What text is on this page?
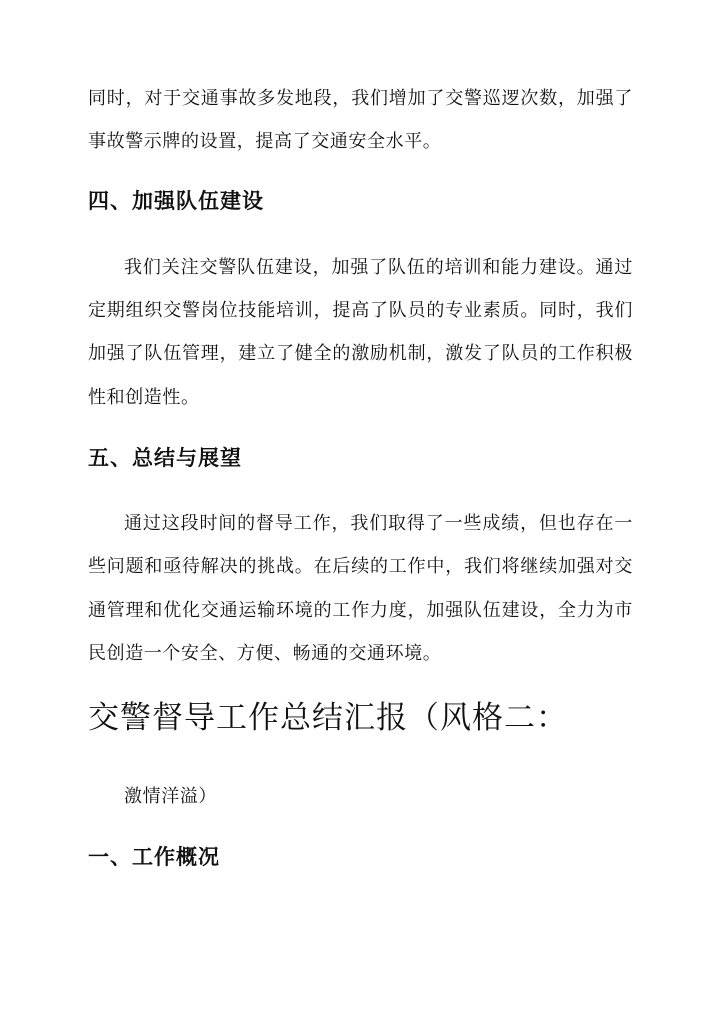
同时，对于交通事故多发地段，我们增加了交警巡逻次数，加强了
事故警示牌的设置，提高了交通安全水平。
四、加强队伍建设
我们关注交警队伍建设，加强了队伍的培训和能力建设。通过
定期组织交警岗位技能培训，提高了队员的专业素质。同时，我们
加强了队伍管理，建立了健全的激励机制，激发了队员的工作积极
性和创造性。
五、总结与展望
通过这段时间的督导工作，我们取得了一些成绩，但也存在一
些问题和亟待解决的挑战。在后续的工作中，我们将继续加强对交
通管理和优化交通运输环境的工作力度，加强队伍建设，全力为市
民创造一个安全、方便、畅通的交通环境。
交警督导工作总结汇报（风格二：
激情洋溢）
一、工作概况
